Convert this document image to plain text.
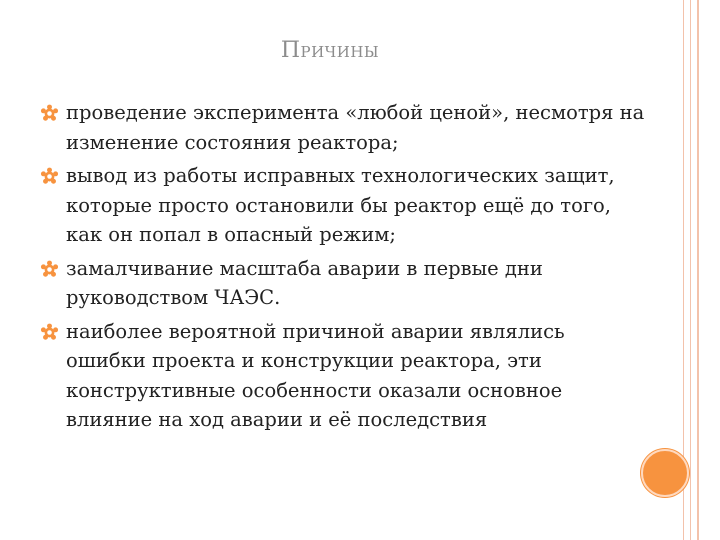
Причины
проведение эксперимента «любой ценой», несмотря на изменение состояния реактора;
вывод из работы исправных технологических защит, которые просто остановили бы реактор ещё до того, как он попал в опасный режим;
замалчивание масштаба аварии в первые дни руководством ЧАЭС.
наиболее вероятной причиной аварии являлись ошибки проекта и конструкции реактора, эти конструктивные особенности оказали основное влияние на ход аварии и её последствия
